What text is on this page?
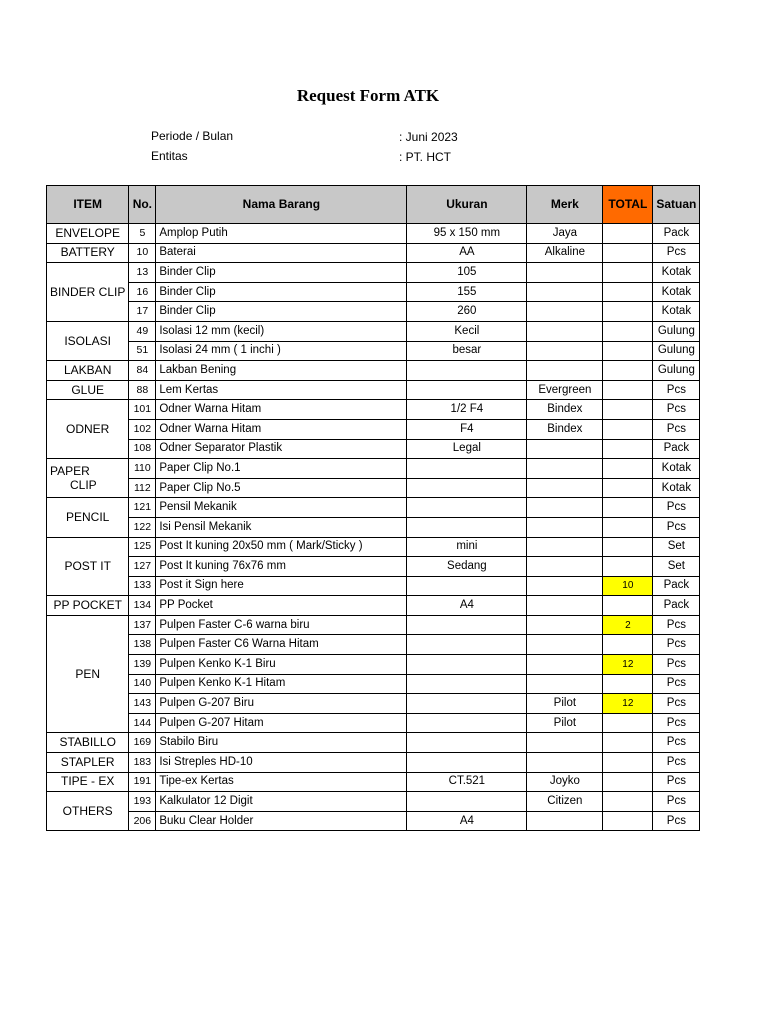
Request Form ATK
Periode / Bulan	: Juni 2023
Entitas	: PT. HCT
ITEM	No.	Nama Barang	Ukuran	Merk	TOTAL	Satuan
ENVELOPE	5	Amplop Putih	95 x 150 mm	Jaya		Pack
BATTERY	10	Baterai	AA	Alkaline		Pcs
BINDER CLIP	13	Binder Clip	105			Kotak
	16	Binder Clip	155			Kotak
	17	Binder Clip	260			Kotak
ISOLASI	49	Isolasi 12 mm (kecil)	Kecil			Gulung
	51	Isolasi 24 mm ( 1 inchi )	besar			Gulung
LAKBAN	84	Lakban Bening				Gulung
GLUE	88	Lem Kertas		Evergreen		Pcs
ODNER	101	Odner Warna Hitam	1/2 F4	Bindex		Pcs
	102	Odner Warna Hitam	F4	Bindex		Pcs
	108	Odner Separator Plastik	Legal			Pack
PAPER
CLIP	110	Paper Clip No.1				Kotak
	112	Paper Clip No.5				Kotak
PENCIL	121	Pensil Mekanik				Pcs
	122	Isi Pensil Mekanik				Pcs
POST IT	125	Post It kuning 20x50 mm ( Mark/Sticky )	mini			Set
	127	Post It kuning 76x76 mm	Sedang			Set
	133	Post it Sign here			10	Pack
PP POCKET	134	PP Pocket	A4			Pack
PEN	137	Pulpen Faster C-6 warna biru			2	Pcs
	138	Pulpen Faster C6 Warna Hitam				Pcs
	139	Pulpen Kenko K-1 Biru			12	Pcs
	140	Pulpen Kenko K-1 Hitam				Pcs
	143	Pulpen G-207 Biru		Pilot	12	Pcs
	144	Pulpen G-207 Hitam		Pilot		Pcs
STABILLO	169	Stabilo Biru				Pcs
STAPLER	183	Isi Streples HD-10				Pcs
TIPE - EX	191	Tipe-ex Kertas	CT.521	Joyko		Pcs
OTHERS	193	Kalkulator 12 Digit		Citizen		Pcs
	206	Buku Clear Holder	A4			Pcs
